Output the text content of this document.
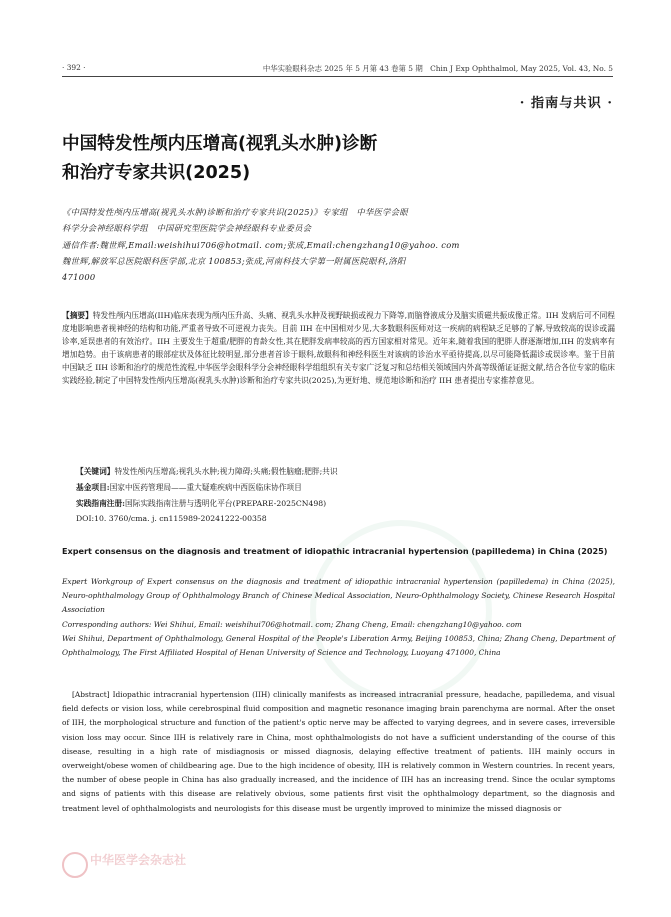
· 392 ·	中华实验眼科杂志 2025 年 5 月第 43 卷第 5 期　Chin J Exp Ophthalmol, May 2025, Vol. 43, No. 5
· 指南与共识 ·
中国特发性颅内压增高(视乳头水肿)诊断
和治疗专家共识(2025)
《中国特发性颅内压增高(视乳头水肿)诊断和治疗专家共识(2025)》专家组　中华医学会眼
科学分会神经眼科学组　中国研究型医院学会神经眼科专业委员会
通信作者:魏世辉,Email:weishihui706@hotmail. com;张成,Email:chengzhang10@yahoo. com
魏世辉,解放军总医院眼科医学部,北京 100853;张成,河南科技大学第一附属医院眼科,洛阳
471000
【摘要】特发性颅内压增高(IIH)临床表现为颅内压升高、头痛、视乳头水肿及视野缺损或视力下降等,而脑脊液成分及脑实质磁共振成像正常。IIH 发病后可不同程度地影响患者视神经的结构和功能,严重者导致不可逆视力丧失。目前 IIH 在中国相对少见,大多数眼科医师对这一疾病的病程缺乏足够的了解,导致较高的误诊或漏诊率,延误患者的有效治疗。IIH 主要发生于超重/肥胖的育龄女性,其在肥胖发病率较高的西方国家相对常见。近年来,随着我国的肥胖人群逐渐增加,IIH 的发病率有增加趋势。由于该病患者的眼部症状及体征比较明显,部分患者首诊于眼科,故眼科和神经科医生对该病的诊治水平亟待提高,以尽可能降低漏诊或误诊率。鉴于目前中国缺乏 IIH 诊断和治疗的规范性流程,中华医学会眼科学分会神经眼科学组组织有关专家广泛复习和总结相关领域国内外高等级循证证据文献,结合各位专家的临床实践经验,制定了中国特发性颅内压增高(视乳头水肿)诊断和治疗专家共识(2025),为更好地、规范地诊断和治疗 IIH 患者提出专家推荐意见。
【关键词】特发性颅内压增高;视乳头水肿;视力障碍;头痛;假性脑瘤;肥胖;共识
基金项目:国家中医药管理局——重大疑难疾病中西医临床协作项目
实践指南注册:国际实践指南注册与透明化平台(PREPARE-2025CN498)
DOI:10. 3760/cma. j. cn115989-20241222-00358
Expert consensus on the diagnosis and treatment of idiopathic intracranial hypertension (papilledema) in China (2025)
Expert Workgroup of Expert consensus on the diagnosis and treatment of idiopathic intracranial hypertension (papilledema) in China (2025), Neuro-ophthalmology Group of Ophthalmology Branch of Chinese Medical Association, Neuro-Ophthalmology Society, Chinese Research Hospital Association
Corresponding authors: Wei Shihui, Email: weishihui706@hotmail. com; Zhang Cheng, Email: chengzhang10@yahoo. com
Wei Shihui, Department of Ophthalmology, General Hospital of the People's Liberation Army, Beijing 100853, China; Zhang Cheng, Department of Ophthalmology, The First Affiliated Hospital of Henan University of Science and Technology, Luoyang 471000, China
[Abstract] Idiopathic intracranial hypertension (IIH) clinically manifests as increased intracranial pressure, headache, papilledema, and visual field defects or vision loss, while cerebrospinal fluid composition and magnetic resonance imaging brain parenchyma are normal. After the onset of IIH, the morphological structure and function of the patient's optic nerve may be affected to varying degrees, and in severe cases, irreversible vision loss may occur. Since IIH is relatively rare in China, most ophthalmologists do not have a sufficient understanding of the course of this disease, resulting in a high rate of misdiagnosis or missed diagnosis, delaying effective treatment of patients. IIH mainly occurs in overweight/obese women of childbearing age. Due to the high incidence of obesity, IIH is relatively common in Western countries. In recent years, the number of obese people in China has also gradually increased, and the incidence of IIH has an increasing trend. Since the ocular symptoms and signs of patients with this disease are relatively obvious, some patients first visit the ophthalmology department, so the diagnosis and treatment level of ophthalmologists and neurologists for this disease must be urgently improved to minimize the missed diagnosis or
中华医学会杂志社
